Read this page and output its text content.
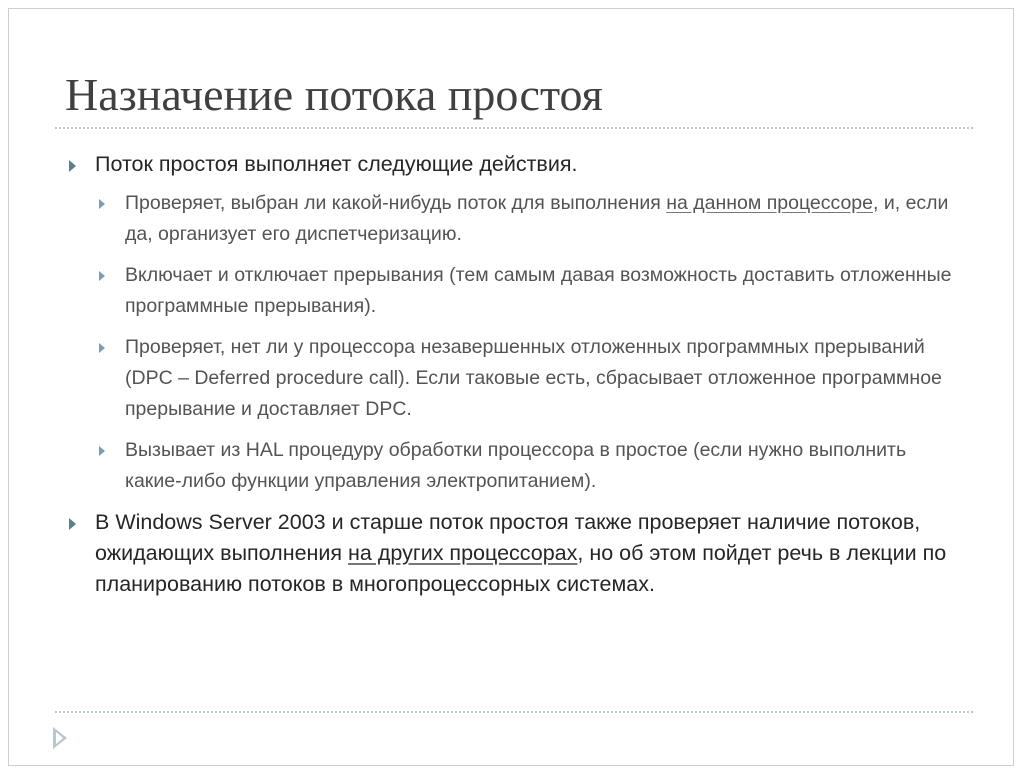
Назначение потока простоя
Поток простоя выполняет следующие действия.
Проверяет, выбран ли какой-нибудь поток для выполнения на данном процессоре, и, если да, организует его диспетчеризацию.
Включает и отключает прерывания (тем самым давая возможность доставить отложенные программные прерывания).
Проверяет, нет ли у процессора незавершенных отложенных программных прерываний (DPC – Deferred procedure call). Если таковые есть, сбрасывает отложенное программное прерывание и доставляет DPC.
Вызывает из HAL процедуру обработки процессора в простое (если нужно выполнить какие-либо функции управления электропитанием).
В Windows Server 2003 и старше поток простоя также проверяет наличие потоков, ожидающих выполнения на других процессорах, но об этом пойдет речь в лекции по планированию потоков в многопроцессорных системах.
